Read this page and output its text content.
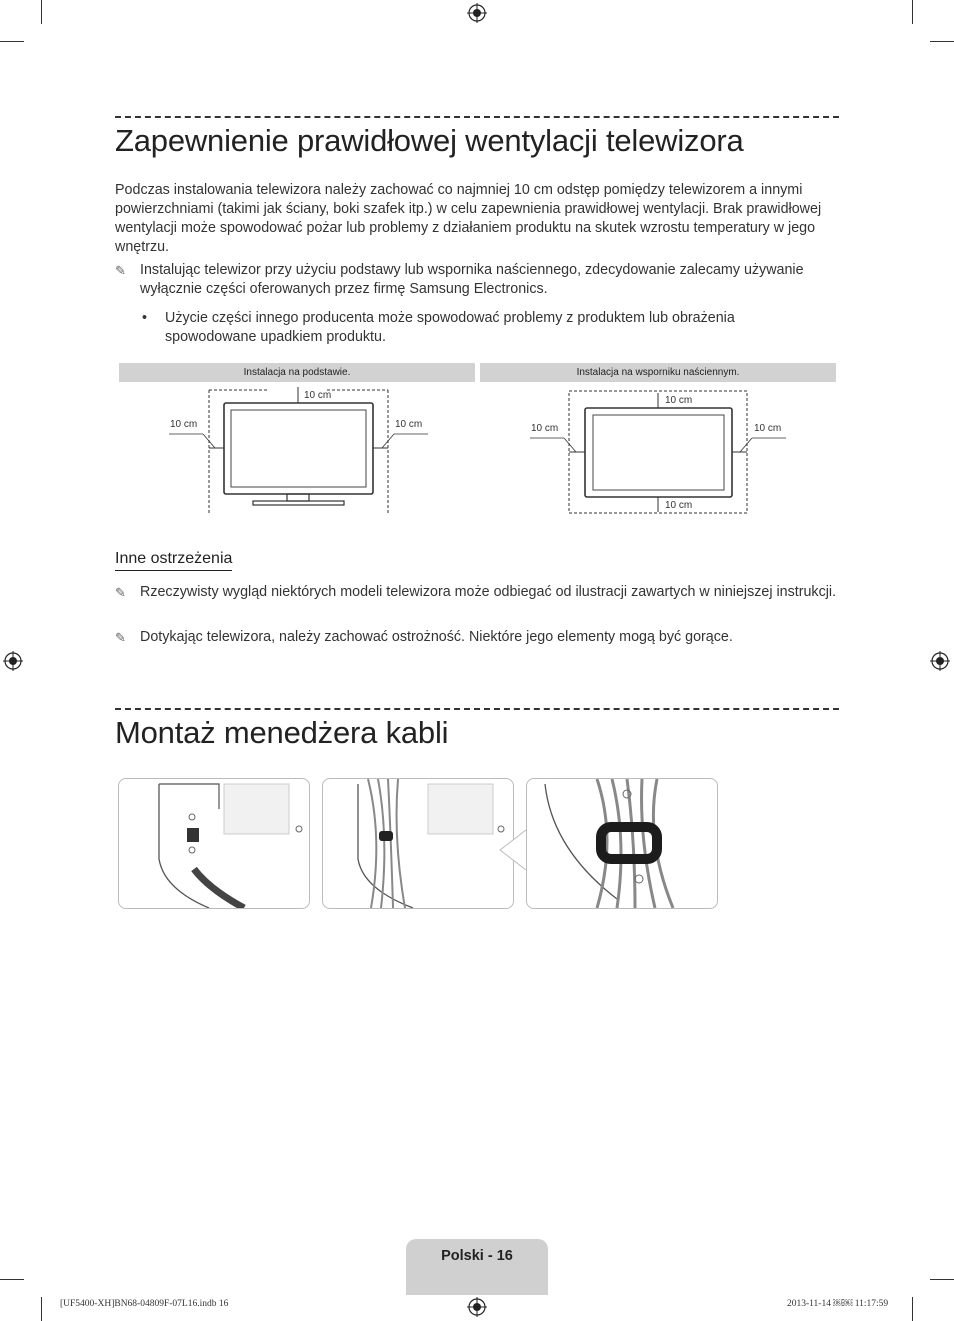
Zapewnienie prawidłowej wentylacji telewizora

Podczas instalowania telewizora należy zachować co najmniej 10 cm odstęp pomiędzy telewizorem a innymi powierzchniami (takimi jak ściany, boki szafek itp.) w celu zapewnienia prawidłowej wentylacji. Brak prawidłowej wentylacji może spowodować pożar lub problemy z działaniem produktu na skutek wzrostu temperatury w jego wnętrzu.

✎ Instalując telewizor przy użyciu podstawy lub wspornika naściennego, zdecydowanie zalecamy używanie wyłącznie części oferowanych przez firmę Samsung Electronics.
• Użycie części innego producenta może spowodować problemy z produktem lub obrażenia spowodowane upadkiem produktu.
Instalacja na podstawie.	Instalacja na wsporniku naściennym.
10 cm
10 cm	10 cm
10 cm
10 cm
10 cm	10 cm
Inne ostrzeżenia
✎ Rzeczywisty wygląd niektórych modeli telewizora może odbiegać od ilustracji zawartych w niniejszej instrukcji.
✎ Dotykając telewizora, należy zachować ostrożność. Niektóre jego elementy mogą być gorące.
Montaż menedżera kabli
Polski - 16
[UF5400-XH]BN68-04809F-07L16.indb 16	2013-11-14 ￼￼ 11:17:59
